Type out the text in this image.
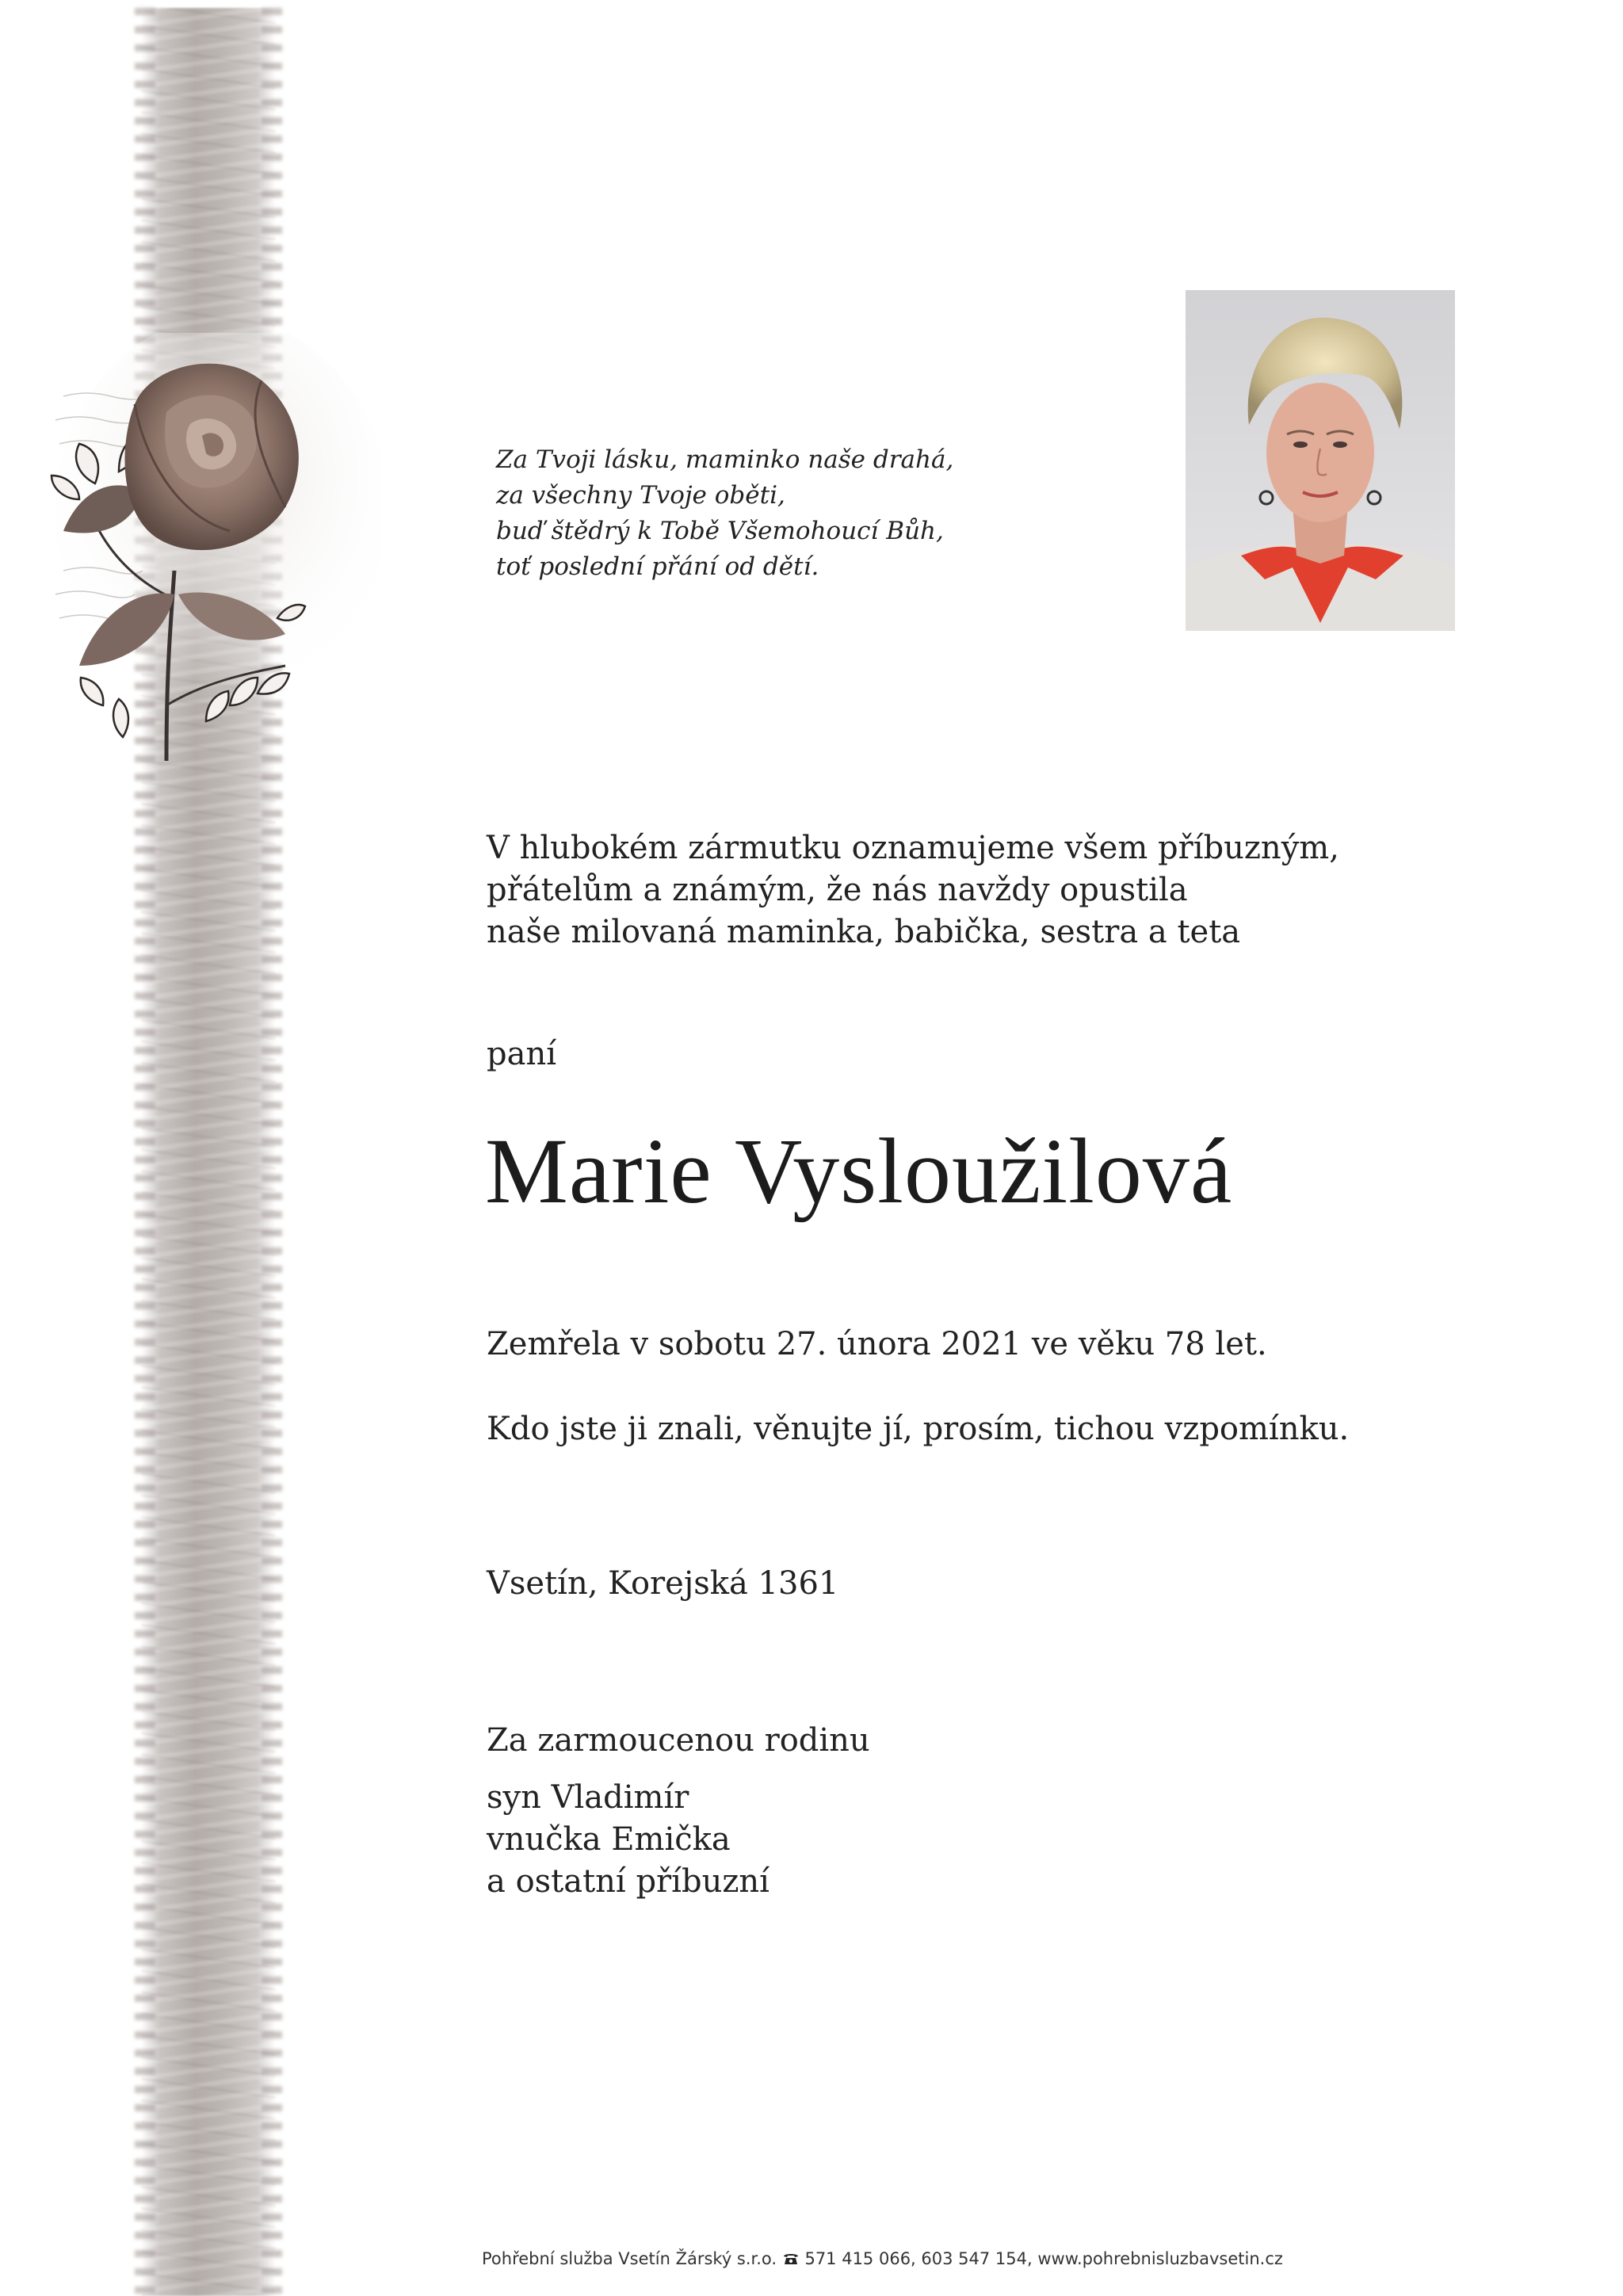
Za Tvoji lásku, maminko naše drahá,
za všechny Tvoje oběti,
buď štědrý k Tobě Všemohoucí Bůh,
toť poslední přání od dětí.
V hlubokém zármutku oznamujeme všem příbuzným,
přátelům a známým, že nás navždy opustila
naše milovaná maminka, babička, sestra a teta
paní
Marie Vysloužilová
Zemřela v sobotu 27. února 2021 ve věku 78 let.
Kdo jste ji znali, věnujte jí, prosím, tichou vzpomínku.
Vsetín, Korejská 1361
Za zarmoucenou rodinu
syn Vladimír
vnučka Emička
a ostatní příbuzní
Pohřební služba Vsetín Žárský s.r.o. 571 415 066, 603 547 154, www.pohrebnisluzbavsetin.cz
